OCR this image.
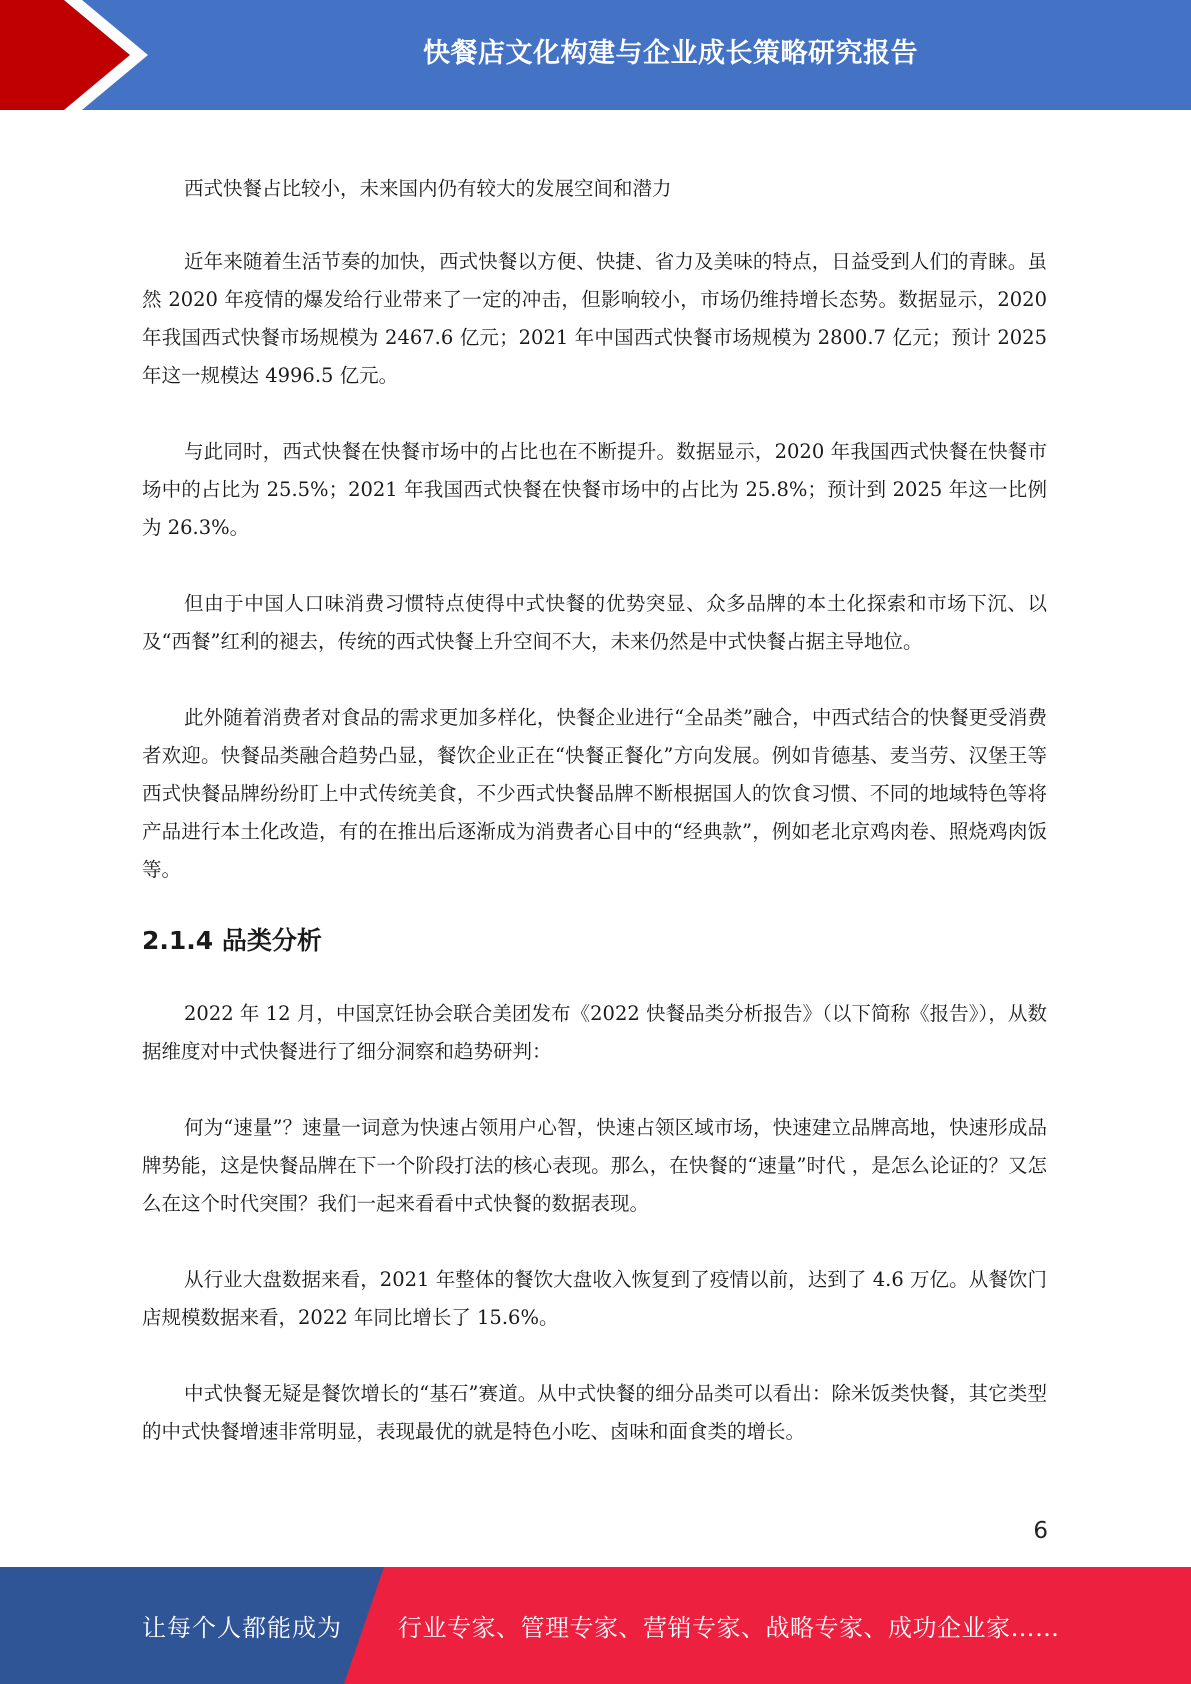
快餐店文化构建与企业成长策略研究报告

西式快餐占比较小，未来国内仍有较大的发展空间和潜力

近年来随着生活节奏的加快，西式快餐以方便、快捷、省力及美味的特点，日益受到人们的青睐。虽然 2020 年疫情的爆发给行业带来了一定的冲击，但影响较小，市场仍维持增长态势。数据显示，2020 年我国西式快餐市场规模为 2467.6 亿元；2021 年中国西式快餐市场规模为 2800.7 亿元；预计 2025 年这一规模达 4996.5 亿元。

与此同时，西式快餐在快餐市场中的占比也在不断提升。数据显示，2020 年我国西式快餐在快餐市场中的占比为 25.5%；2021 年我国西式快餐在快餐市场中的占比为 25.8%；预计到 2025 年这一比例为 26.3%。

但由于中国人口味消费习惯特点使得中式快餐的优势突显、众多品牌的本土化探索和市场下沉、以及“西餐”红利的褪去，传统的西式快餐上升空间不大，未来仍然是中式快餐占据主导地位。

此外随着消费者对食品的需求更加多样化，快餐企业进行“全品类”融合，中西式结合的快餐更受消费者欢迎。快餐品类融合趋势凸显，餐饮企业正在“快餐正餐化”方向发展。例如肯德基、麦当劳、汉堡王等西式快餐品牌纷纷盯上中式传统美食，不少西式快餐品牌不断根据国人的饮食习惯、不同的地域特色等将产品进行本土化改造，有的在推出后逐渐成为消费者心目中的“经典款”，例如老北京鸡肉卷、照烧鸡肉饭等。

2.1.4 品类分析

2022 年 12 月，中国烹饪协会联合美团发布《2022 快餐品类分析报告》（以下简称《报告》），从数据维度对中式快餐进行了细分洞察和趋势研判：

何为“速量”？速量一词意为快速占领用户心智，快速占领区域市场，快速建立品牌高地，快速形成品牌势能，这是快餐品牌在下一个阶段打法的核心表现。那么，在快餐的“速量”时代 ，是怎么论证的？又怎么在这个时代突围？我们一起来看看中式快餐的数据表现。

从行业大盘数据来看，2021 年整体的餐饮大盘收入恢复到了疫情以前，达到了 4.6 万亿。从餐饮门店规模数据来看，2022 年同比增长了 15.6%。

中式快餐无疑是餐饮增长的“基石”赛道。从中式快餐的细分品类可以看出：除米饭类快餐，其它类型的中式快餐增速非常明显，表现最优的就是特色小吃、卤味和面食类的增长。

6
让每个人都能成为 行业专家、管理专家、营销专家、战略专家、成功企业家……
